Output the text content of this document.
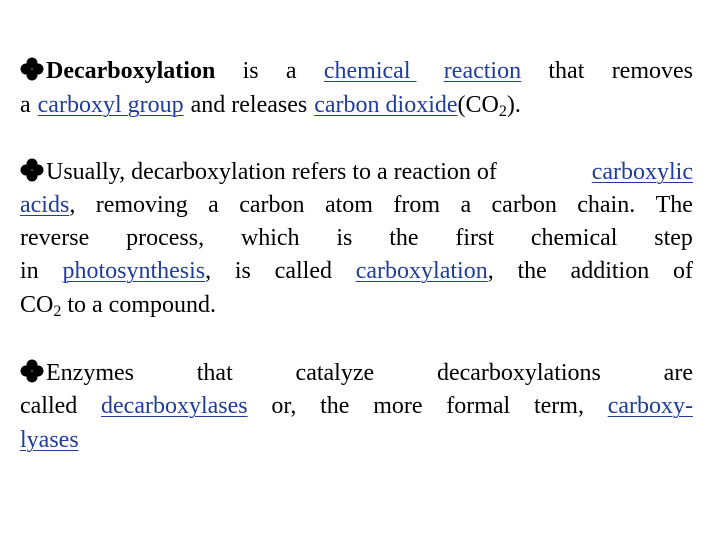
Decarboxylation is a chemical reaction that removes
a carboxyl group and releases carbon $dioxide(CO_2)$.
Usually, decarboxylation refers to a reaction of	carboxylic
acids, removing a carbon atom from a carbon chain. The
reverse process, which is the first chemical step
in photosynthesis, is called carboxylation, the addition of
$CO_2$ to a compound.
Enzymes	that	catalyze	decarboxylations	are
called decarboxylases or, the more formal term, carboxy-
lyases
